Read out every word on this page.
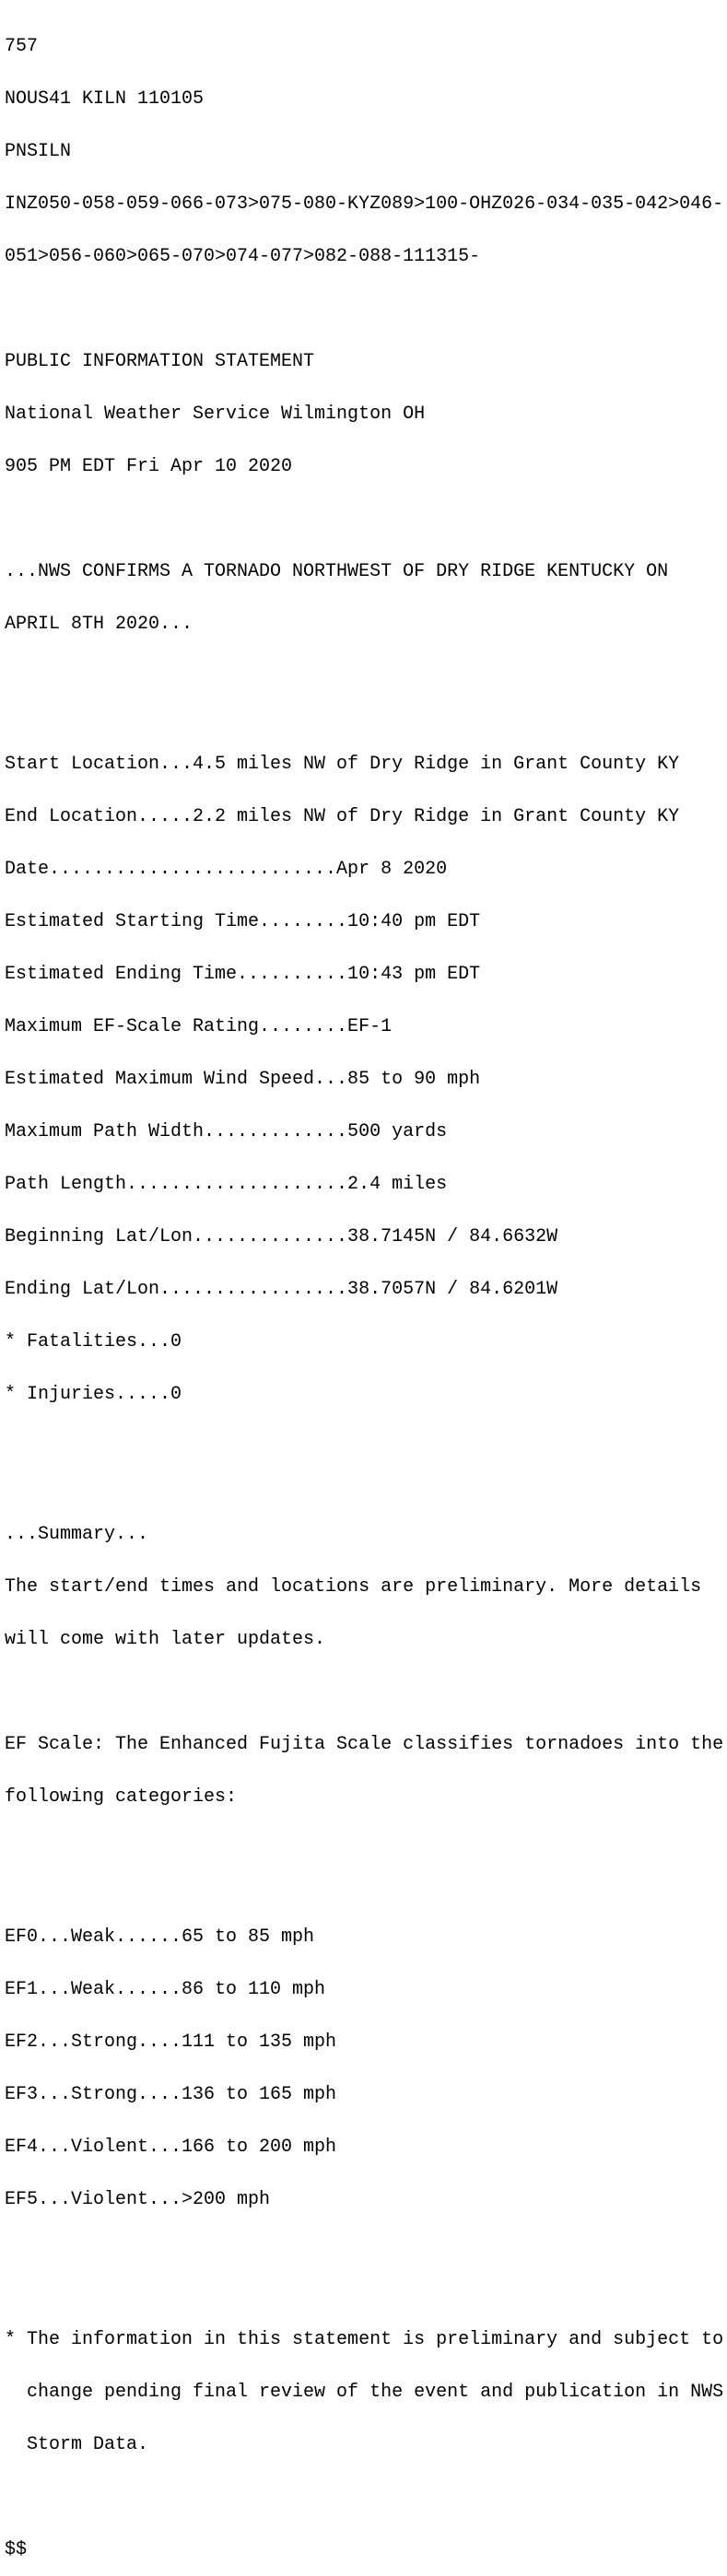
757

NOUS41 KILN 110105

PNSILN

INZ050-058-059-066-073>075-080-KYZ089>100-OHZ026-034-035-042>046-

051>056-060>065-070>074-077>082-088-111315-

PUBLIC INFORMATION STATEMENT

National Weather Service Wilmington OH

905 PM EDT Fri Apr 10 2020

...NWS CONFIRMS A TORNADO NORTHWEST OF DRY RIDGE KENTUCKY ON

APRIL 8TH 2020...

Start Location...4.5 miles NW of Dry Ridge in Grant County KY

End Location.....2.2 miles NW of Dry Ridge in Grant County KY

Date..........................Apr 8 2020

Estimated Starting Time........10:40 pm EDT

Estimated Ending Time..........10:43 pm EDT

Maximum EF-Scale Rating........EF-1

Estimated Maximum Wind Speed...85 to 90 mph

Maximum Path Width.............500 yards

Path Length....................2.4 miles

Beginning Lat/Lon..............38.7145N / 84.6632W

Ending Lat/Lon.................38.7057N / 84.6201W

* Fatalities...0

* Injuries.....0

...Summary...

The start/end times and locations are preliminary. More details

will come with later updates.

EF Scale: The Enhanced Fujita Scale classifies tornadoes into the

following categories:

EF0...Weak......65 to 85 mph

EF1...Weak......86 to 110 mph

EF2...Strong....111 to 135 mph

EF3...Strong....136 to 165 mph

EF4...Violent...166 to 200 mph

EF5...Violent...>200 mph

* The information in this statement is preliminary and subject to

change pending final review of the event and publication in NWS

Storm Data.

$$
